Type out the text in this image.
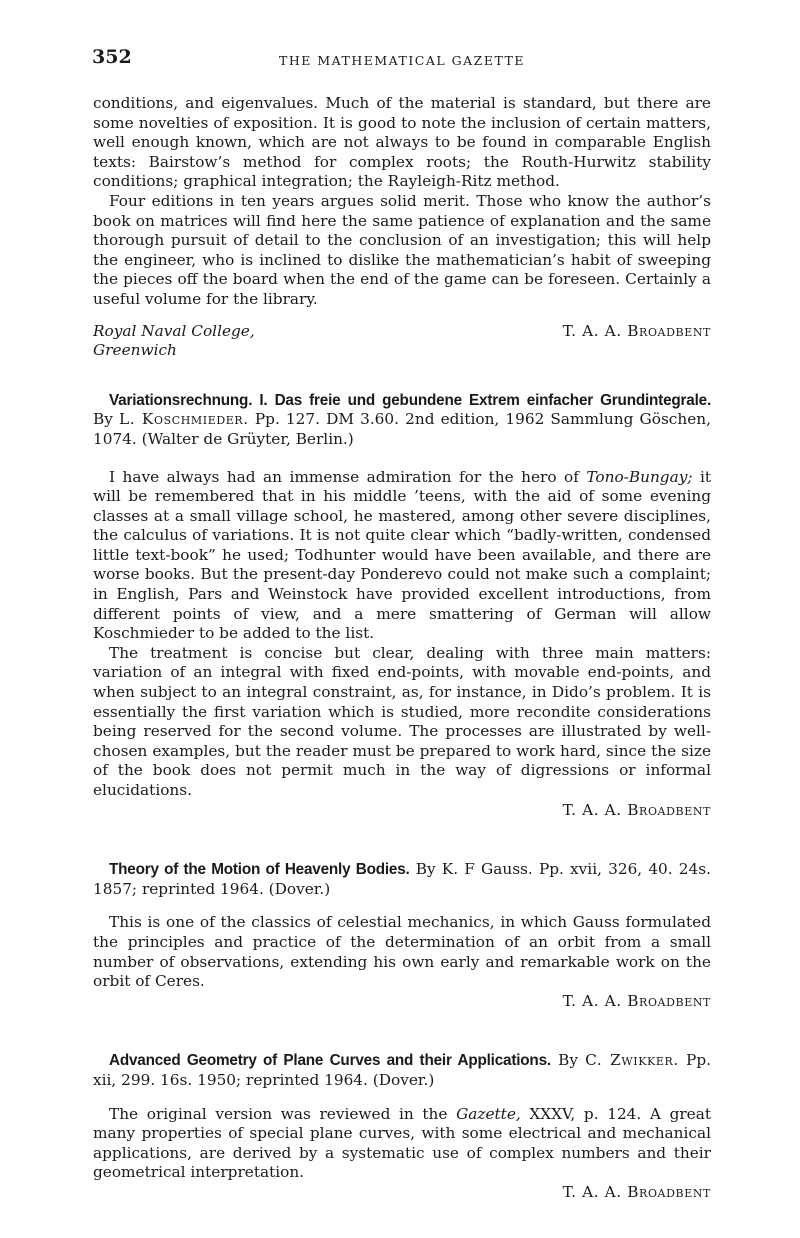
352	THE MATHEMATICAL GAZETTE

conditions, and eigenvalues. Much of the material is standard, but there are some novelties of exposition. It is good to note the inclusion of certain matters, well enough known, which are not always to be found in comparable English texts: Bairstow’s method for complex roots; the Routh-Hurwitz stability conditions; graphical integration; the Rayleigh-Ritz method.

Four editions in ten years argues solid merit. Those who know the author’s book on matrices will find here the same patience of explanation and the same thorough pursuit of detail to the conclusion of an investigation; this will help the engineer, who is inclined to dislike the mathematician’s habit of sweeping the pieces off the board when the end of the game can be foreseen. Certainly a useful volume for the library.

Royal Naval College,	T. A. A. Broadbent
Greenwich

Variationsrechnung. I. Das freie und gebundene Extrem einfacher Grundintegrale. By L. Koschmieder. Pp. 127. DM 3.60. 2nd edition, 1962 Sammlung Göschen, 1074. (Walter de Grüyter, Berlin.)

I have always had an immense admiration for the hero of Tono-Bungay; it will be remembered that in his middle ’teens, with the aid of some evening classes at a small village school, he mastered, among other severe disciplines, the calculus of variations. It is not quite clear which “badly-written, condensed little text-book” he used; Todhunter would have been available, and there are worse books. But the present-day Ponderevo could not make such a complaint; in English, Pars and Weinstock have provided excellent introductions, from different points of view, and a mere smattering of German will allow Koschmieder to be added to the list.

The treatment is concise but clear, dealing with three main matters: variation of an integral with fixed end-points, with movable end-points, and when subject to an integral constraint, as, for instance, in Dido’s problem. It is essentially the first variation which is studied, more recondite considerations being reserved for the second volume. The processes are illustrated by well-chosen examples, but the reader must be prepared to work hard, since the size of the book does not permit much in the way of digressions or informal elucidations.

T. A. A. Broadbent

Theory of the Motion of Heavenly Bodies. By K. F Gauss. Pp. xvii, 326, 40. 24s. 1857; reprinted 1964. (Dover.)

This is one of the classics of celestial mechanics, in which Gauss formulated the principles and practice of the determination of an orbit from a small number of observations, extending his own early and remarkable work on the orbit of Ceres.

T. A. A. Broadbent

Advanced Geometry of Plane Curves and their Applications. By C. Zwikker. Pp. xii, 299. 16s. 1950; reprinted 1964. (Dover.)

The original version was reviewed in the Gazette, XXXV, p. 124. A great many properties of special plane curves, with some electrical and mechanical applications, are derived by a systematic use of complex numbers and their geometrical interpretation.

T. A. A. Broadbent
